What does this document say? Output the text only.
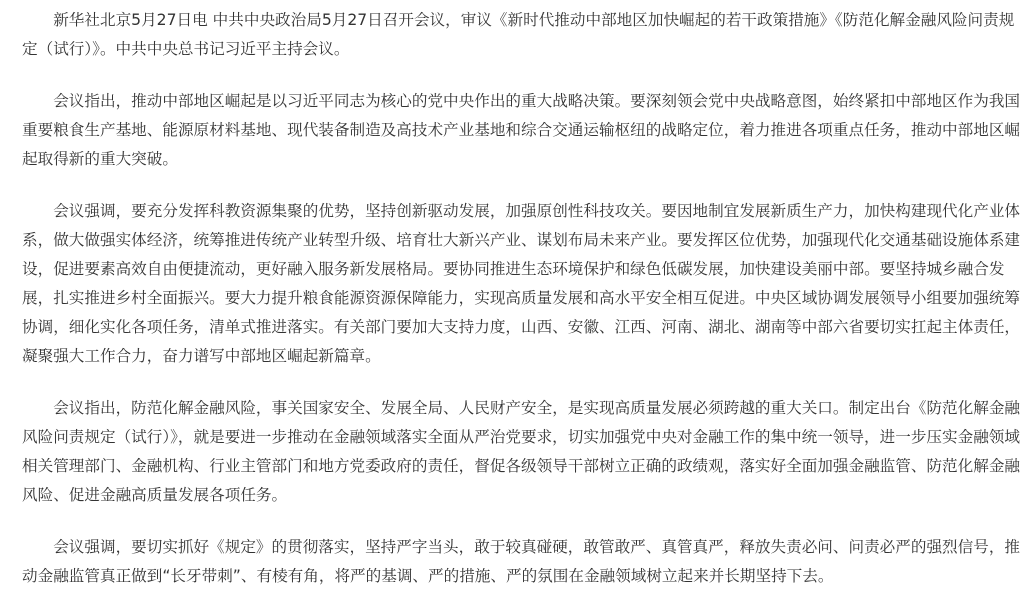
新华社北京5月27日电 中共中央政治局5月27日召开会议，审议《新时代推动中部地区加快崛起的若干政策措施》《防范化解金融风险问责规定（试行）》。中共中央总书记习近平主持会议。

会议指出，推动中部地区崛起是以习近平同志为核心的党中央作出的重大战略决策。要深刻领会党中央战略意图，始终紧扣中部地区作为我国重要粮食生产基地、能源原材料基地、现代装备制造及高技术产业基地和综合交通运输枢纽的战略定位，着力推进各项重点任务，推动中部地区崛起取得新的重大突破。

会议强调，要充分发挥科教资源集聚的优势，坚持创新驱动发展，加强原创性科技攻关。要因地制宜发展新质生产力，加快构建现代化产业体系，做大做强实体经济，统筹推进传统产业转型升级、培育壮大新兴产业、谋划布局未来产业。要发挥区位优势，加强现代化交通基础设施体系建设，促进要素高效自由便捷流动，更好融入服务新发展格局。要协同推进生态环境保护和绿色低碳发展，加快建设美丽中部。要坚持城乡融合发展，扎实推进乡村全面振兴。要大力提升粮食能源资源保障能力，实现高质量发展和高水平安全相互促进。中央区域协调发展领导小组要加强统筹协调，细化实化各项任务，清单式推进落实。有关部门要加大支持力度，山西、安徽、江西、河南、湖北、湖南等中部六省要切实扛起主体责任，凝聚强大工作合力，奋力谱写中部地区崛起新篇章。

会议指出，防范化解金融风险，事关国家安全、发展全局、人民财产安全，是实现高质量发展必须跨越的重大关口。制定出台《防范化解金融风险问责规定（试行）》，就是要进一步推动在金融领域落实全面从严治党要求，切实加强党中央对金融工作的集中统一领导，进一步压实金融领域相关管理部门、金融机构、行业主管部门和地方党委政府的责任，督促各级领导干部树立正确的政绩观，落实好全面加强金融监管、防范化解金融风险、促进金融高质量发展各项任务。

会议强调，要切实抓好《规定》的贯彻落实，坚持严字当头，敢于较真碰硬，敢管敢严、真管真严，释放失责必问、问责必严的强烈信号，推动金融监管真正做到“长牙带刺”、有棱有角，将严的基调、严的措施、严的氛围在金融领域树立起来并长期坚持下去。
